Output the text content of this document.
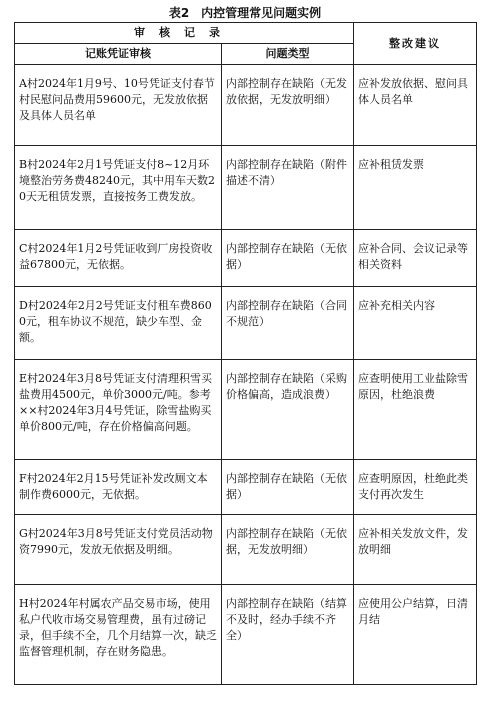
表2　内控管理常见问题实例
审核记录		整改建议
记账凭证审核	问题类型	
A村2024年1月9号、10号凭证支付春节村民慰问品费用59600元，无发放依据及具体人员名单	内部控制存在缺陷（无发放依据，无发放明细）	应补发放依据、慰问具体人员名单
B村2024年2月1号凭证支付8~12月环境整治劳务费48240元，其中用车天数20天无租赁发票，直接按务工费发放。	内部控制存在缺陷（附件描述不清）	应补租赁发票
C村2024年1月2号凭证收到厂房投资收益67800元，无依据。	内部控制存在缺陷（无依据）	应补合同、会议记录等相关资料
D村2024年2月2号凭证支付租车费8600元，租车协议不规范，缺少车型、金额。	内部控制存在缺陷（合同不规范）	应补充相关内容
E村2024年3月8号凭证支付清理积雪买盐费用4500元，单价3000元/吨。参考××村2024年3月4号凭证，除雪盐购买单价800元/吨，存在价格偏高问题。	内部控制存在缺陷（采购价格偏高，造成浪费）	应查明使用工业盐除雪原因，杜绝浪费
F村2024年2月15号凭证补发改厕文本制作费6000元，无依据。	内部控制存在缺陷（无依据）	应查明原因，杜绝此类支付再次发生
G村2024年3月8号凭证支付党员活动物资7990元，发放无依据及明细。	内部控制存在缺陷（无依据，无发放明细）	应补相关发放文件，发放明细
H村2024年村属农产品交易市场，使用私户代收市场交易管理费，虽有过磅记录，但手续不全，几个月结算一次，缺乏监督管理机制，存在财务隐患。	内部控制存在缺陷（结算不及时，经办手续不齐全）	应使用公户结算，日清月结
